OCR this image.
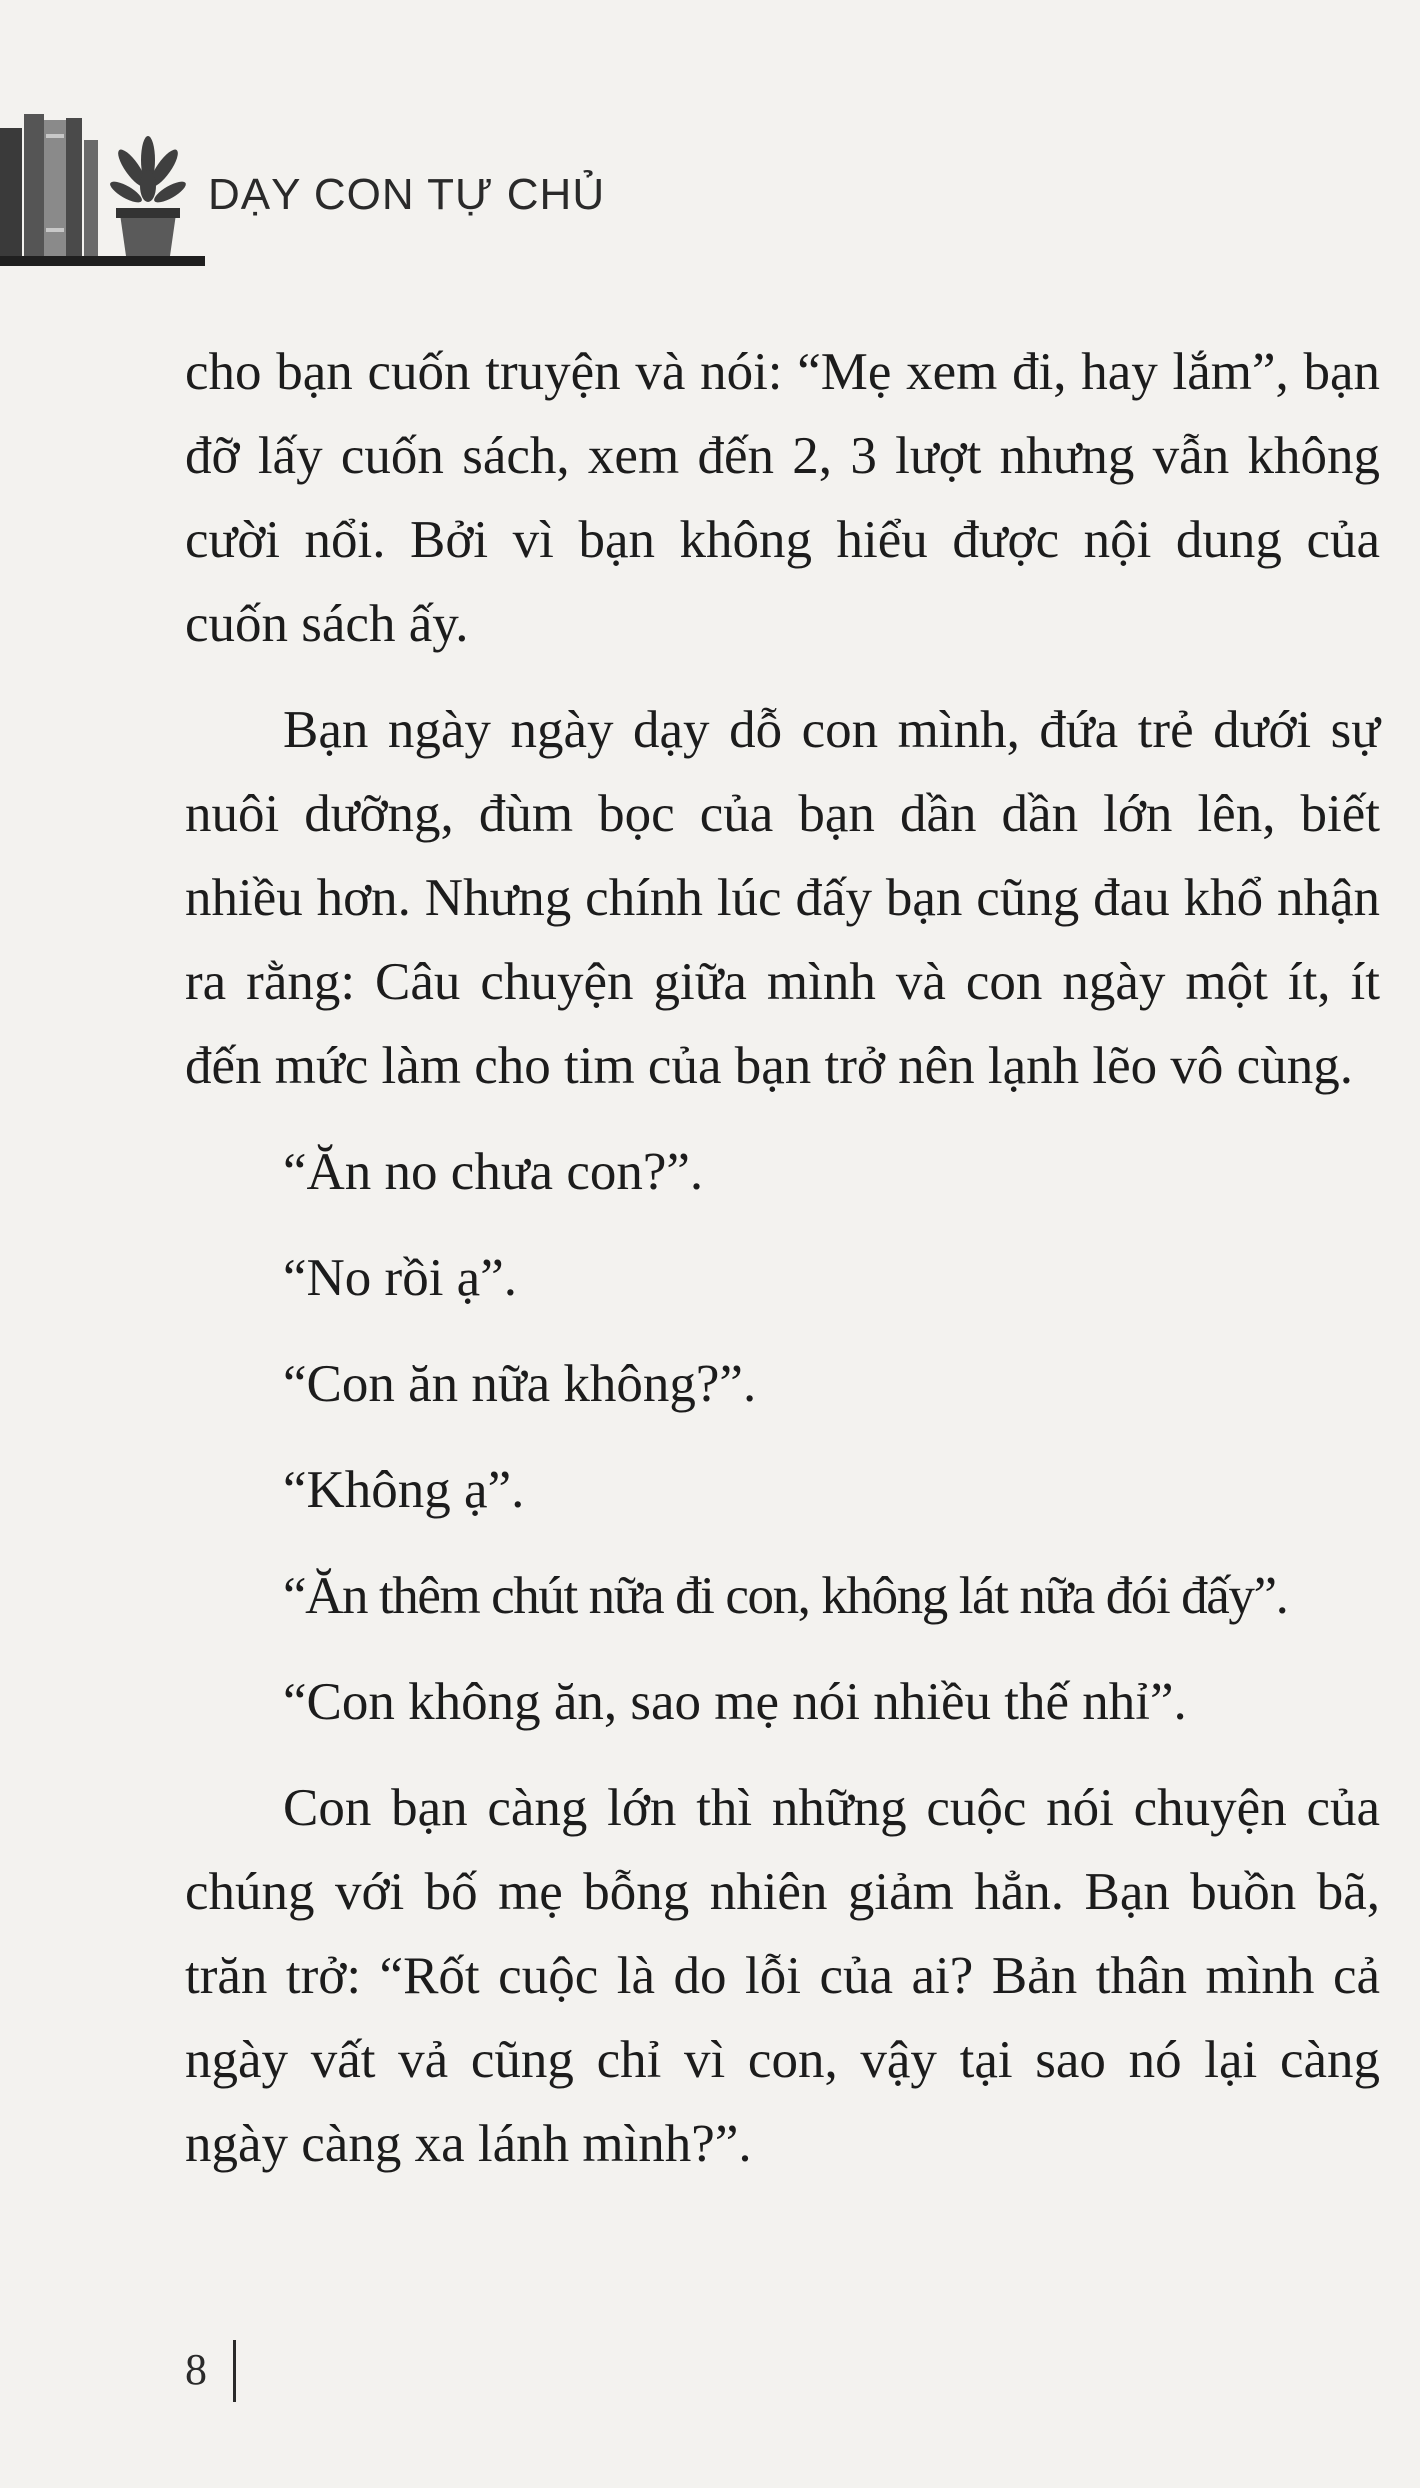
DẠY CON TỰ CHỦ

cho bạn cuốn truyện và nói: “Mẹ xem đi, hay lắm”, bạn đỡ lấy cuốn sách, xem đến 2, 3 lượt nhưng vẫn không cười nổi. Bởi vì bạn không hiểu được nội dung của cuốn sách ấy.

Bạn ngày ngày dạy dỗ con mình, đứa trẻ dưới sự nuôi dưỡng, đùm bọc của bạn dần dần lớn lên, biết nhiều hơn. Nhưng chính lúc đấy bạn cũng đau khổ nhận ra rằng: Câu chuyện giữa mình và con ngày một ít, ít đến mức làm cho tim của bạn trở nên lạnh lẽo vô cùng.

“Ăn no chưa con?”.

“No rồi ạ”.

“Con ăn nữa không?”.

“Không ạ”.

“Ăn thêm chút nữa đi con, không lát nữa đói đấy”.

“Con không ăn, sao mẹ nói nhiều thế nhỉ”.

Con bạn càng lớn thì những cuộc nói chuyện của chúng với bố mẹ bỗng nhiên giảm hẳn. Bạn buồn bã, trăn trở: “Rốt cuộc là do lỗi của ai? Bản thân mình cả ngày vất vả cũng chỉ vì con, vậy tại sao nó lại càng ngày càng xa lánh mình?”.

8
